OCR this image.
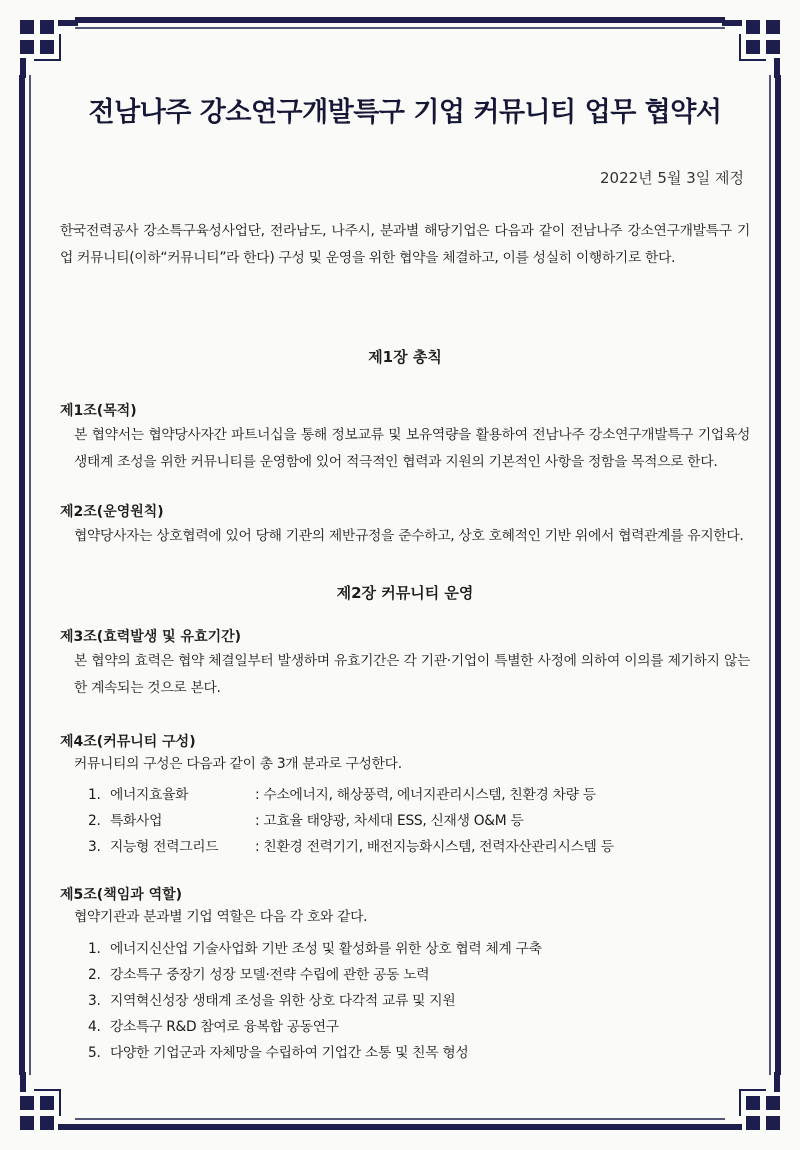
전남나주 강소연구개발특구 기업 커뮤니티 업무 협약서
2022년 5월 3일 제정
한국전력공사 강소특구육성사업단, 전라남도, 나주시, 분과별 해당기업은 다음과 같이 전남나주 강소연구개발특구 기업 커뮤니티(이하“커뮤니티”라 한다) 구성 및 운영을 위한 협약을 체결하고, 이를 성실히 이행하기로 한다.
제1장 총칙
제1조(목적)
본 협약서는 협약당사자간 파트너십을 통해 정보교류 및 보유역량을 활용하여 전남나주 강소연구개발특구 기업육성 생태계 조성을 위한 커뮤니티를 운영함에 있어 적극적인 협력과 지원의 기본적인 사항을 정함을 목적으로 한다.
제2조(운영원칙)
협약당사자는 상호협력에 있어 당해 기관의 제반규정을 준수하고, 상호 호혜적인 기반 위에서 협력관계를 유지한다.
제2장 커뮤니티 운영
제3조(효력발생 및 유효기간)
본 협약의 효력은 협약 체결일부터 발생하며 유효기간은 각 기관·기업이 특별한 사정에 의하여 이의를 제기하지 않는 한 계속되는 것으로 본다.
제4조(커뮤니티 구성)
커뮤니티의 구성은 다음과 같이 총 3개 분과로 구성한다.
1. 에너지효율화	: 수소에너지, 해상풍력, 에너지관리시스템, 친환경 차량 등
2. 특화사업	: 고효율 태양광, 차세대 ESS, 신재생 O&M 등
3. 지능형 전력그리드	: 친환경 전력기기, 배전지능화시스템, 전력자산관리시스템 등
제5조(책임과 역할)
협약기관과 분과별 기업 역할은 다음 각 호와 같다.
1. 에너지신산업 기술사업화 기반 조성 및 활성화를 위한 상호 협력 체계 구축
2. 강소특구 중장기 성장 모델·전략 수립에 관한 공동 노력
3. 지역혁신성장 생태계 조성을 위한 상호 다각적 교류 및 지원
4. 강소특구 R&D 참여로 융복합 공동연구
5. 다양한 기업군과 자체망을 수립하여 기업간 소통 및 친목 형성
